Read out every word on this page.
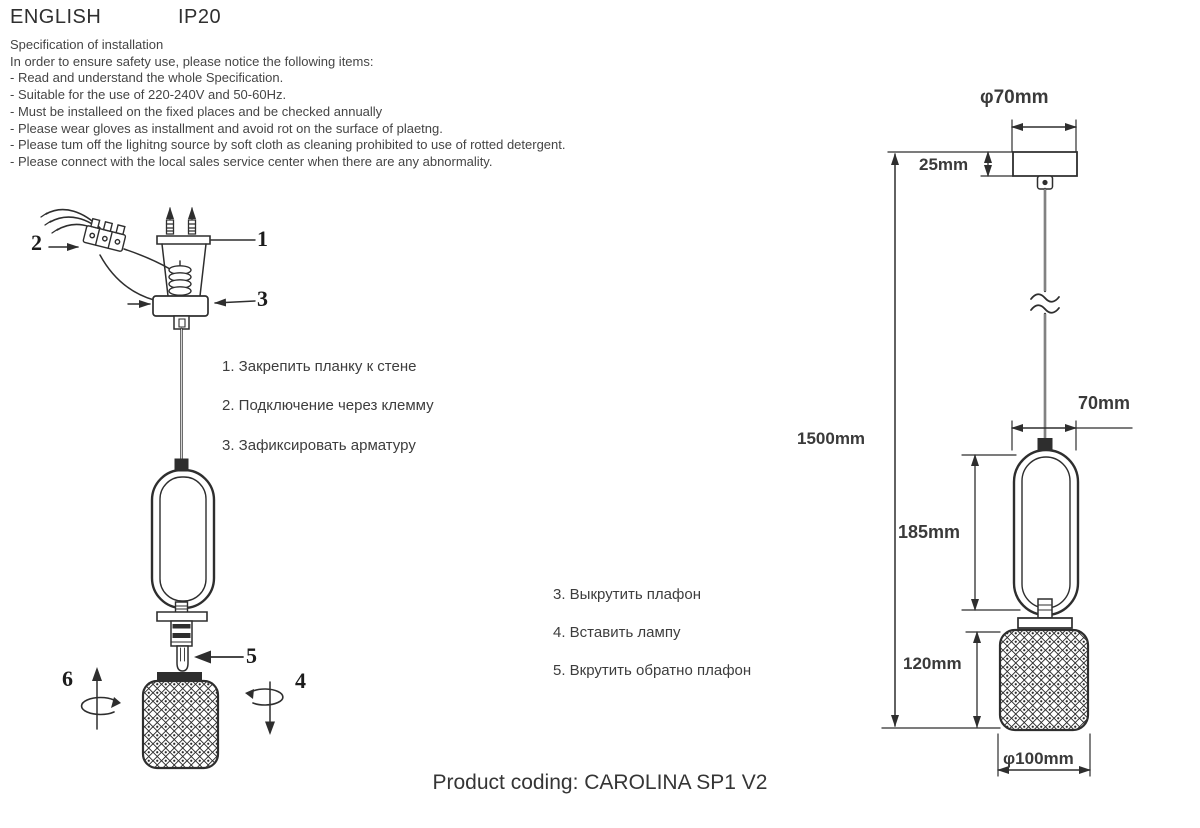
ENGLISH	IP20
Specification of installation
In order to ensure safety use, please notice the following items:
- Read and understand the whole Specification.
- Suitable for the use of 220-240V and 50-60Hz.
- Must be installeed on the fixed places and be checked annually
- Please wear gloves as installment and avoid rot on the surface of plaetng.
- Please tum off the lighitng source by soft cloth as cleaning prohibited to use of rotted detergent.
- Please connect with the local sales service center when there are any abnormality.
1. Закрепить планку к стене
2. Подключение через клемму
3. Зафиксировать арматуру
3. Выкрутить плафон
4. Вставить лампу
5. Вкрутить обратно плафон
1
2
3
4
5
6
φ70mm
25mm
1500mm
70mm
185mm
120mm
φ100mm
Product coding: CAROLINA SP1 V2
